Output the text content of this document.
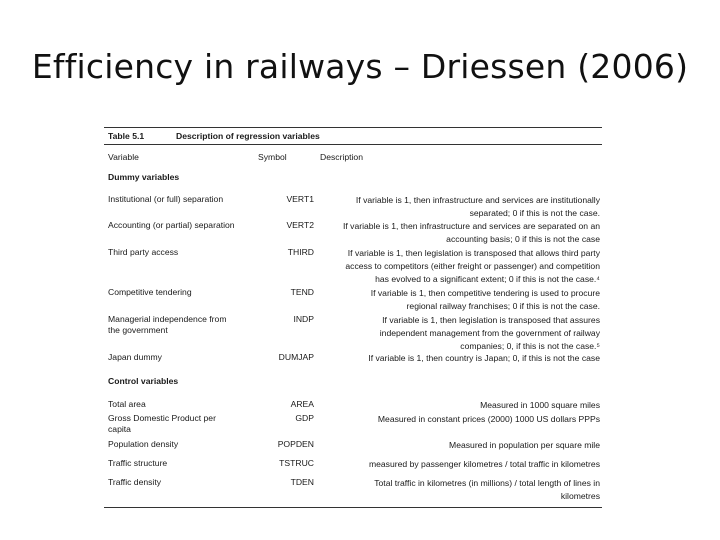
Efficiency in railways – Driessen (2006)
Table 5.1	Description of regression variables
Variable	Symbol	Description
Dummy variables
Institutional (or full) separation	VERT1	If variable is 1, then infrastructure and services are institutionally
separated; 0 if this is not the case.
Accounting (or partial) separation	VERT2	If variable is 1, then infrastructure and services are separated on an
accounting basis; 0 if this is not the case
Third party access	THIRD	If variable is 1, then legislation is transposed that allows third party
access to competitors (either freight or passenger) and competition
has evolved to a significant extent; 0 if this is not the case.⁴
Competitive tendering	TEND	If variable is 1, then competitive tendering is used to procure
regional railway franchises; 0 if this is not the case.
Managerial independence from
the government
INDP	If variable is 1, then legislation is transposed that assures
independent management from the government of railway
companies; 0, if this is not the case.⁵
Japan dummy	DUMJAP	If variable is 1, then country is Japan; 0, if this is not the case
Control variables
Total area	AREA	Measured in 1000 square miles
Gross Domestic Product per
capita
GDP	Measured in constant prices (2000) 1000 US dollars PPPs
Population density	POPDEN	Measured in population per square mile
Traffic structure	TSTRUC	measured by passenger kilometres / total traffic in kilometres
Traffic density	TDEN	Total traffic in kilometres (in millions) / total length of lines in
kilometres
